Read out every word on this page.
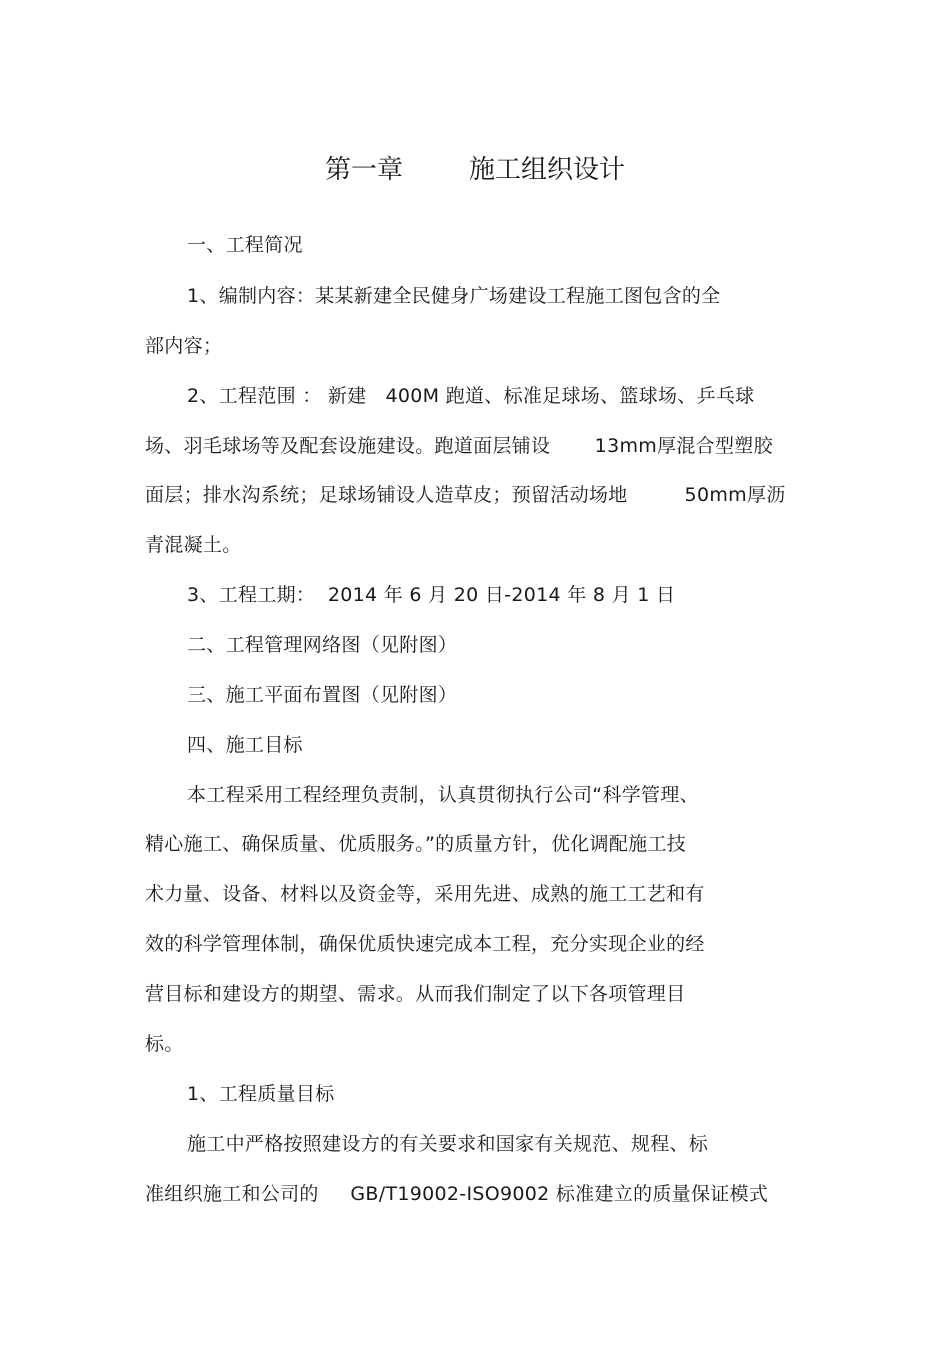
第一章        施工组织设计
一、工程简况
1、编制内容：某某新建全民健身广场建设工程施工图包含的全
部内容；
2、工程范围 ： 新建   400M 跑道、标准足球场、篮球场、乒乓球
场、羽毛球场等及配套设施建设。跑道面层铺设       13mm厚混合型塑胶
面层；排水沟系统；足球场铺设人造草皮；预留活动场地         50mm厚沥
青混凝土。
3、工程工期：  2014 年 6 月 20 日-2014 年 8 月 1 日
二、工程管理网络图（见附图）
三、施工平面布置图（见附图）
四、施工目标
本工程采用工程经理负责制，认真贯彻执行公司“科学管理、
精心施工、确保质量、优质服务。”的质量方针，优化调配施工技
术力量、设备、材料以及资金等，采用先进、成熟的施工工艺和有
效的科学管理体制，确保优质快速完成本工程，充分实现企业的经
营目标和建设方的期望、需求。从而我们制定了以下各项管理目
标。
1、工程质量目标
施工中严格按照建设方的有关要求和国家有关规范、规程、标
准组织施工和公司的     GB/T19002-ISO9002 标准建立的质量保证模式
